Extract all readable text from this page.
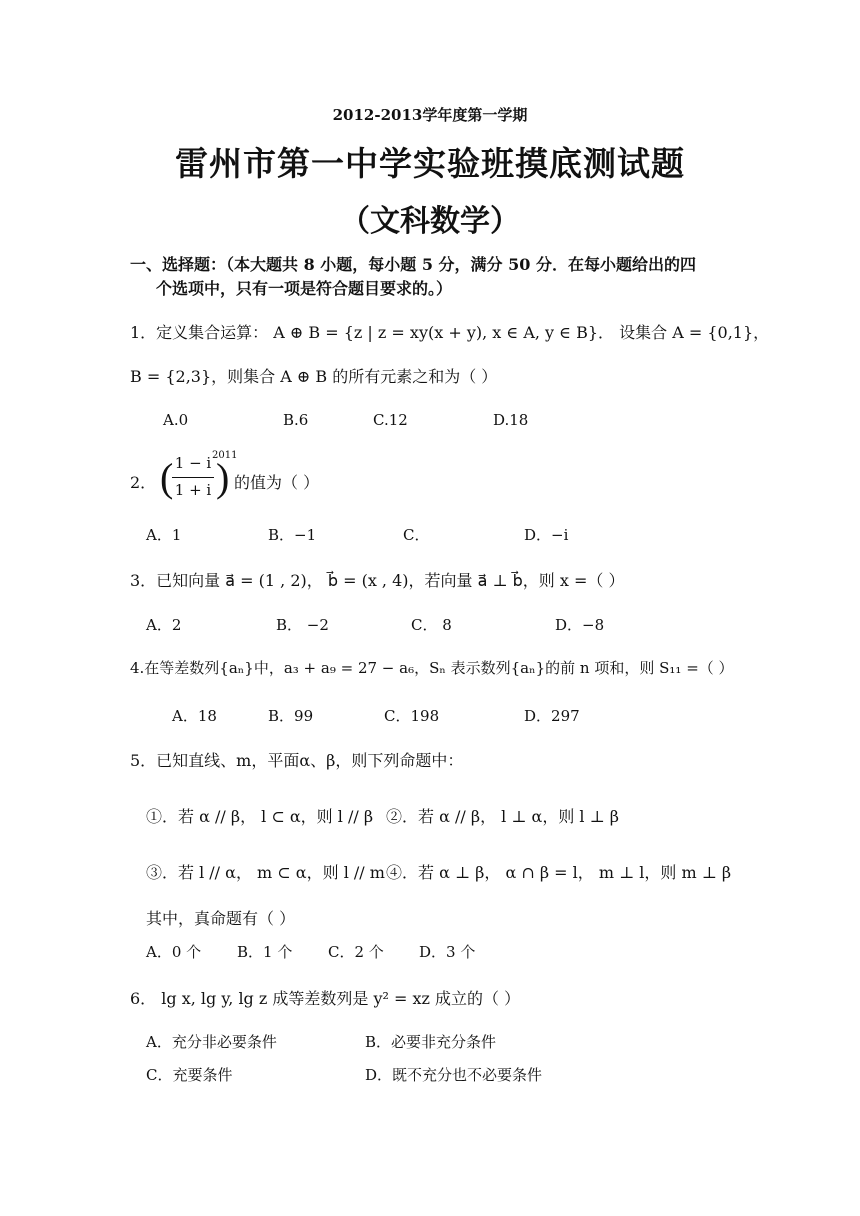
2012-2013学年度第一学期
雷州市第一中学实验班摸底测试题
（文科数学）
一、选择题：（本大题共 8 小题，每小题 5 分，满分 50 分．在每小题给出的四
个选项中，只有一项是符合题目要求的。）
1．定义集合运算： A ⊕ B = {z | z = xy(x + y), x ∈ A, y ∈ B}． 设集合 A = {0,1}，
B = {2,3}，则集合 A ⊕ B 的所有元素之和为（ ）
A.0	B.6	C.12	D.18
2． ( 1 − i
1 + i )
2011
的值为（ ）
A．1	B．−1	C．	D．−i
3．已知向量 a⃗ = (1 , 2)， b⃗ = (x , 4)，若向量 a⃗ ⊥ b⃗，则 x =（ ）
A．2	B． −2	C． 8	D．−8
4.在等差数列{aₙ}中，a₃ + a₉ = 27 − a₆，Sₙ 表示数列{aₙ}的前 n 项和，则 S₁₁ =（ ）
A．18	B．99	C．198	D．297
5．已知直线、m，平面α、β，则下列命题中：
①．若 α // β， l ⊂ α，则 l // β ②．若 α // β， l ⊥ α，则 l ⊥ β
③．若 l // α， m ⊂ α，则 l // m ④．若 α ⊥ β， α ∩ β = l， m ⊥ l，则 m ⊥ β
其中，真命题有（ ）
A．0 个 B．1 个 C．2 个 D．3 个
6． lg x, lg y, lg z 成等差数列是 y² = xz 成立的（ ）
A．充分非必要条件	B．必要非充分条件
C．充要条件	D．既不充分也不必要条件
